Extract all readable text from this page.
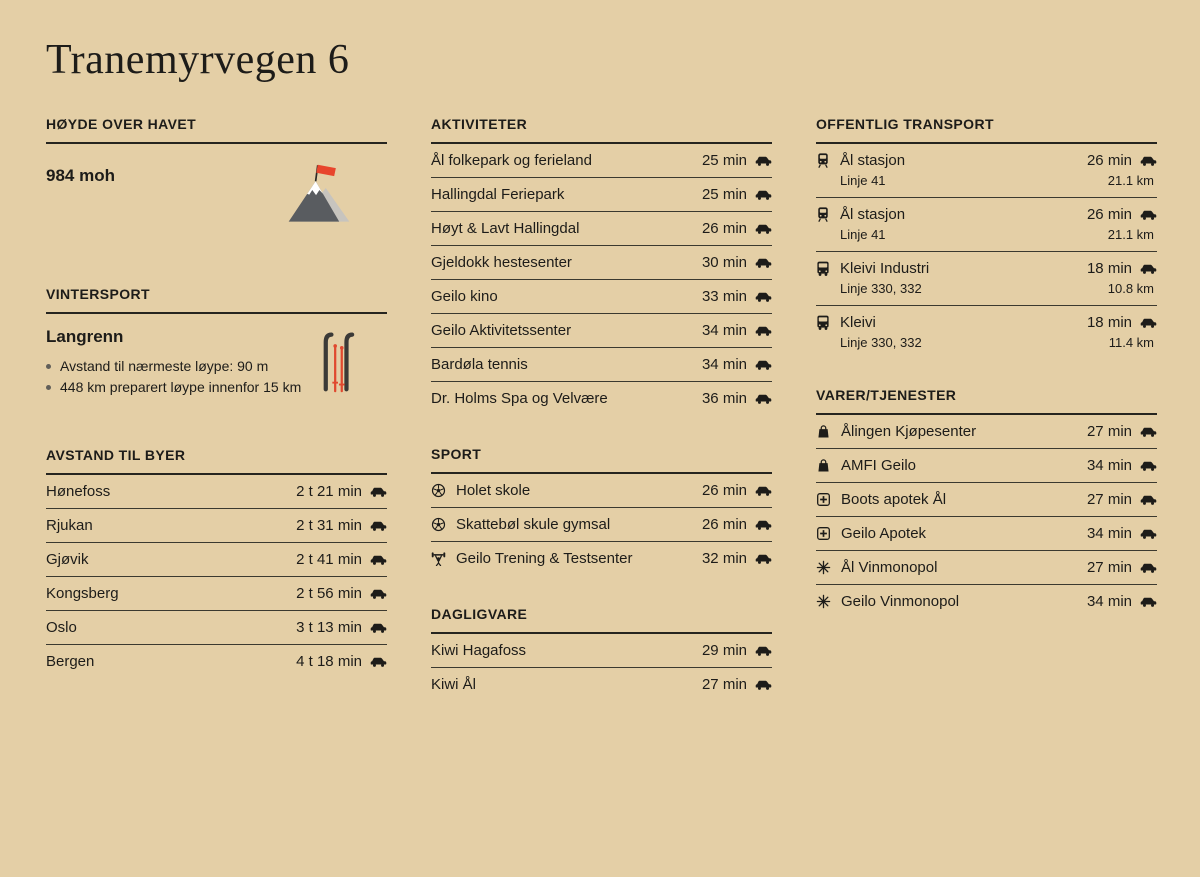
Tranemyrvegen 6
HØYDE OVER HAVET
984 moh
VINTERSPORT
Langrenn
Avstand til nærmeste løype: 90 m
448 km preparert løype innenfor 15 km
AVSTAND TIL BYER
Hønefoss	2 t 21 min
Rjukan	2 t 31 min
Gjøvik	2 t 41 min
Kongsberg	2 t 56 min
Oslo	3 t 13 min
Bergen	4 t 18 min
AKTIVITETER
Ål folkepark og ferieland	25 min
Hallingdal Feriepark	25 min
Høyt & Lavt Hallingdal	26 min
Gjeldokk hestesenter	30 min
Geilo kino	33 min
Geilo Aktivitetssenter	34 min
Bardøla tennis	34 min
Dr. Holms Spa og Velvære	36 min
SPORT
Holet skole	26 min
Skattebøl skule gymsal	26 min
Geilo Trening & Testsenter	32 min
DAGLIGVARE
Kiwi Hagafoss	29 min
Kiwi Ål	27 min
OFFENTLIG TRANSPORT
Ål stasjon	26 min
Linje 41	21.1 km
Ål stasjon	26 min
Linje 41	21.1 km
Kleivi Industri	18 min
Linje 330, 332	10.8 km
Kleivi	18 min
Linje 330, 332	11.4 km
VARER/TJENESTER
Ålingen Kjøpesenter	27 min
AMFI Geilo	34 min
Boots apotek Ål	27 min
Geilo Apotek	34 min
Ål Vinmonopol	27 min
Geilo Vinmonopol	34 min
